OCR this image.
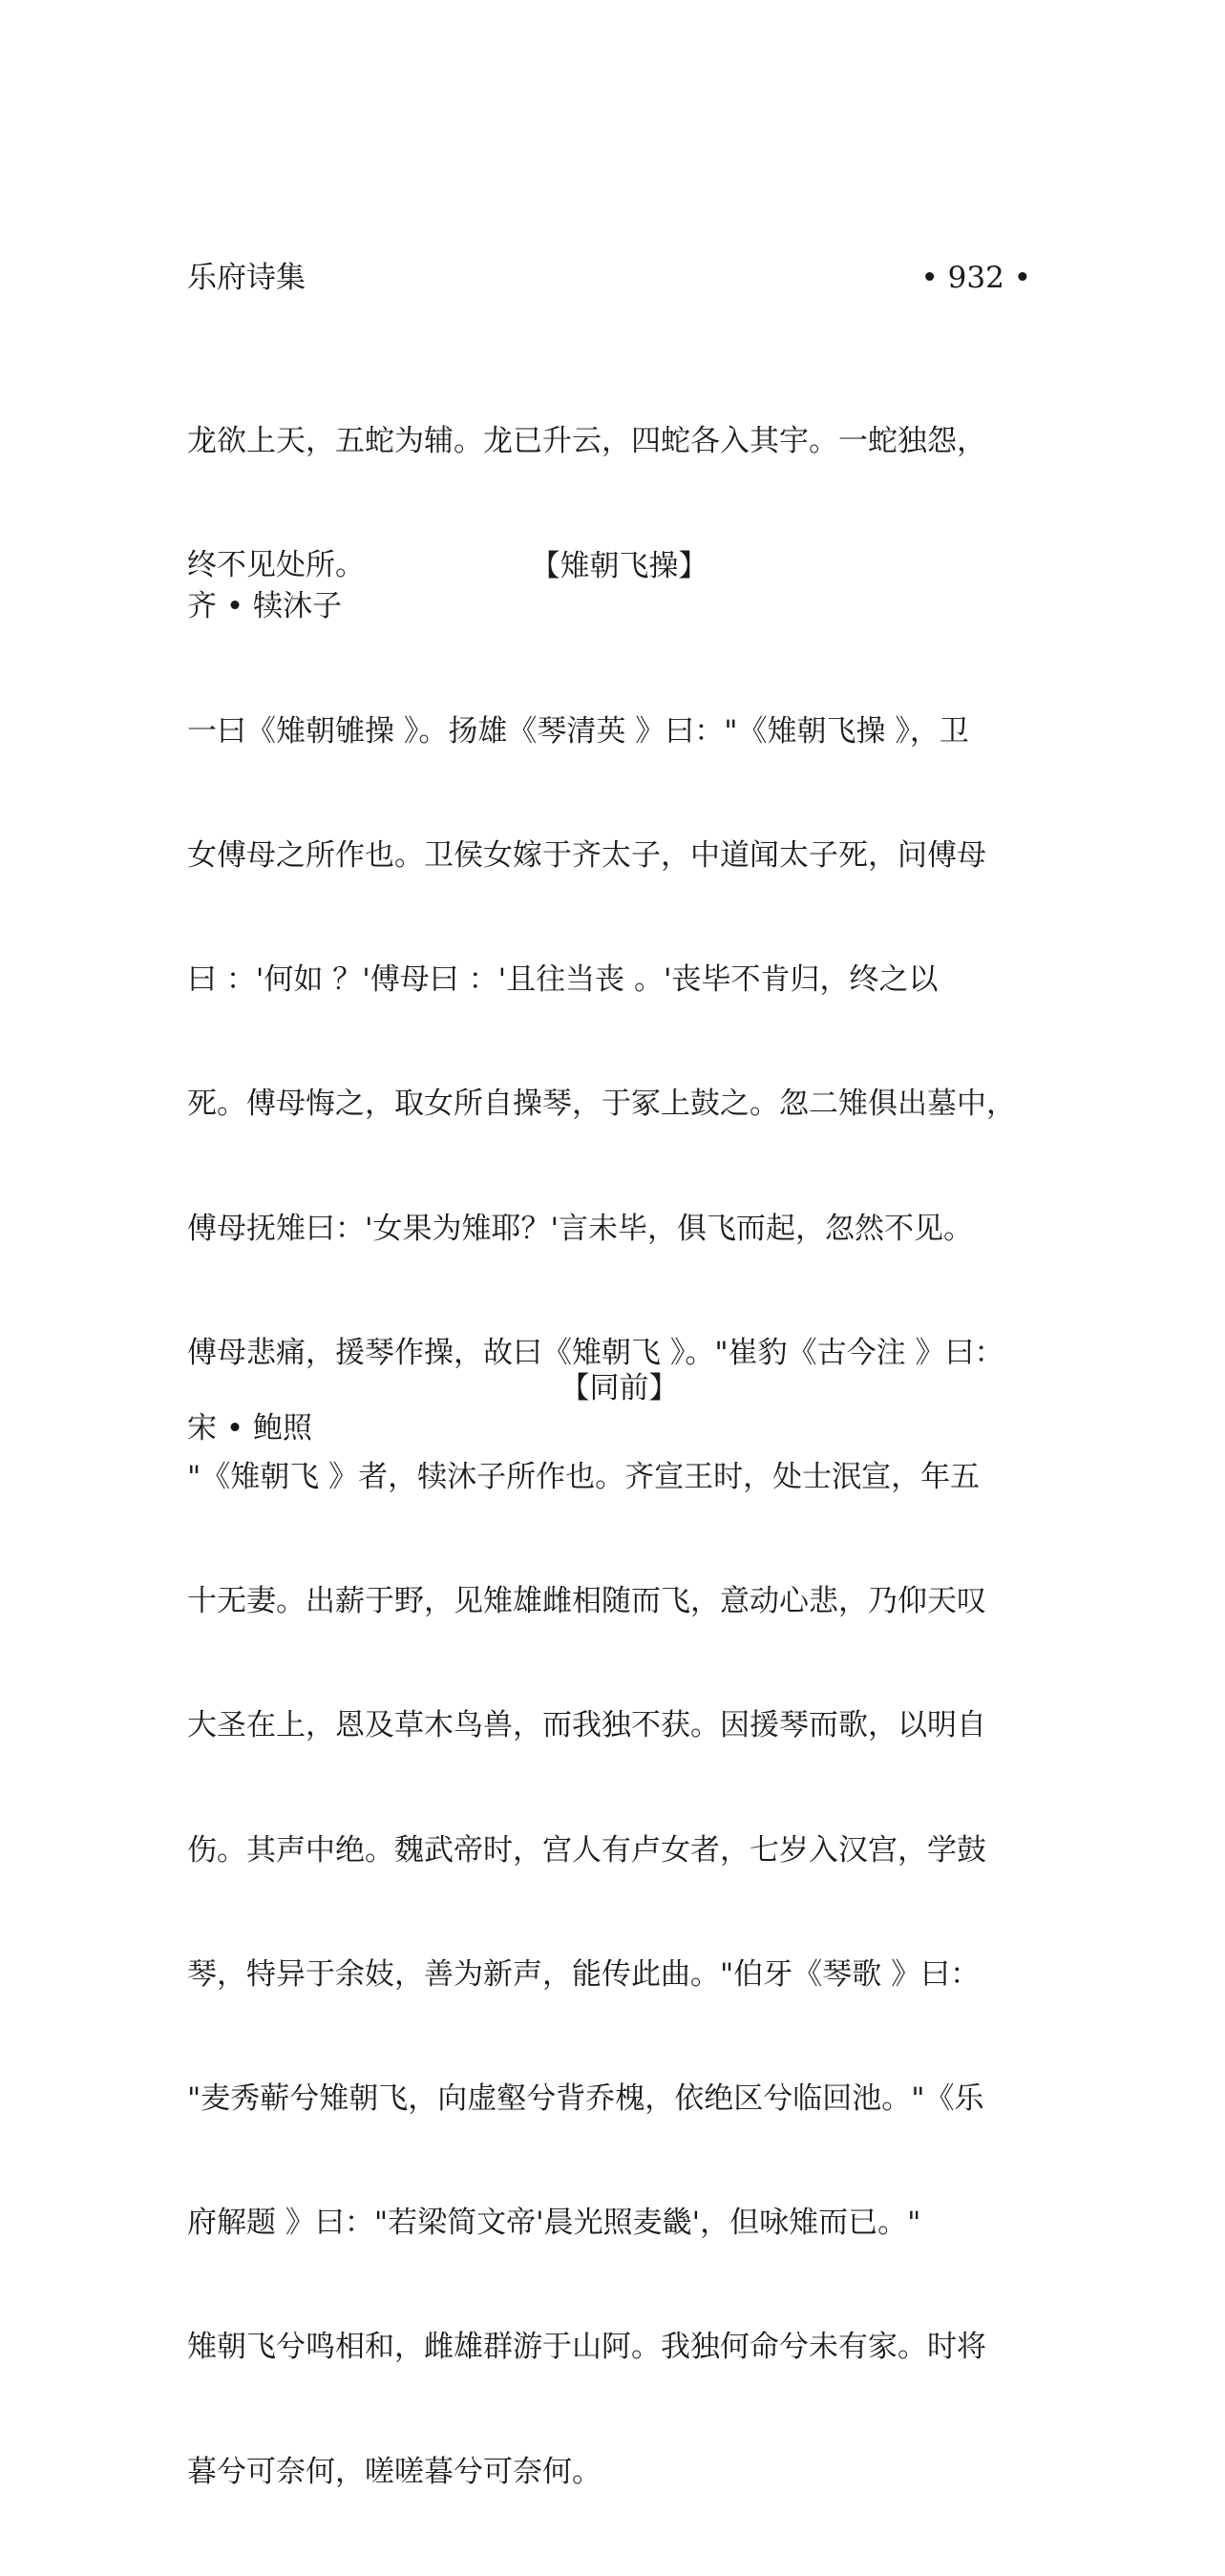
乐府诗集	• 932 •

龙欲上天，五蛇为辅。龙已升云，四蛇各入其宇。一蛇独怨，

终不见处所。

	【雉朝飞操】
齐 • 犊沐子

一曰《雉朝雊操 》。扬雄《琴清英 》曰："《雉朝飞操 》，卫

女傅母之所作也。卫侯女嫁于齐太子，中道闻太子死，问傅母

曰 ：'何如 ？'傅母曰 ：'且往当丧 。'丧毕不肯归，终之以

死。傅母悔之，取女所自操琴，于冢上鼓之。忽二雉俱出墓中，

傅母抚雉曰：'女果为雉耶？'言未毕，俱飞而起，忽然不见。

傅母悲痛，援琴作操，故曰《雉朝飞 》。"崔豹《古今注 》曰：

"《雉朝飞 》者，犊沐子所作也。齐宣王时，处士泯宣，年五

十无妻。出薪于野，见雉雄雌相随而飞，意动心悲，乃仰天叹

大圣在上，恩及草木鸟兽，而我独不获。因援琴而歌，以明自

伤。其声中绝。魏武帝时，宫人有卢女者，七岁入汉宫，学鼓

琴，特异于余妓，善为新声，能传此曲。"伯牙《琴歌 》曰：

"麦秀蕲兮雉朝飞，向虚壑兮背乔槐，依绝区兮临回池。"《乐

府解题 》曰："若梁简文帝'晨光照麦畿'，但咏雉而已。"

雉朝飞兮鸣相和，雌雄群游于山阿。我独何命兮未有家。时将

暮兮可奈何，嗟嗟暮兮可奈何。

【同前】
宋 • 鲍照
